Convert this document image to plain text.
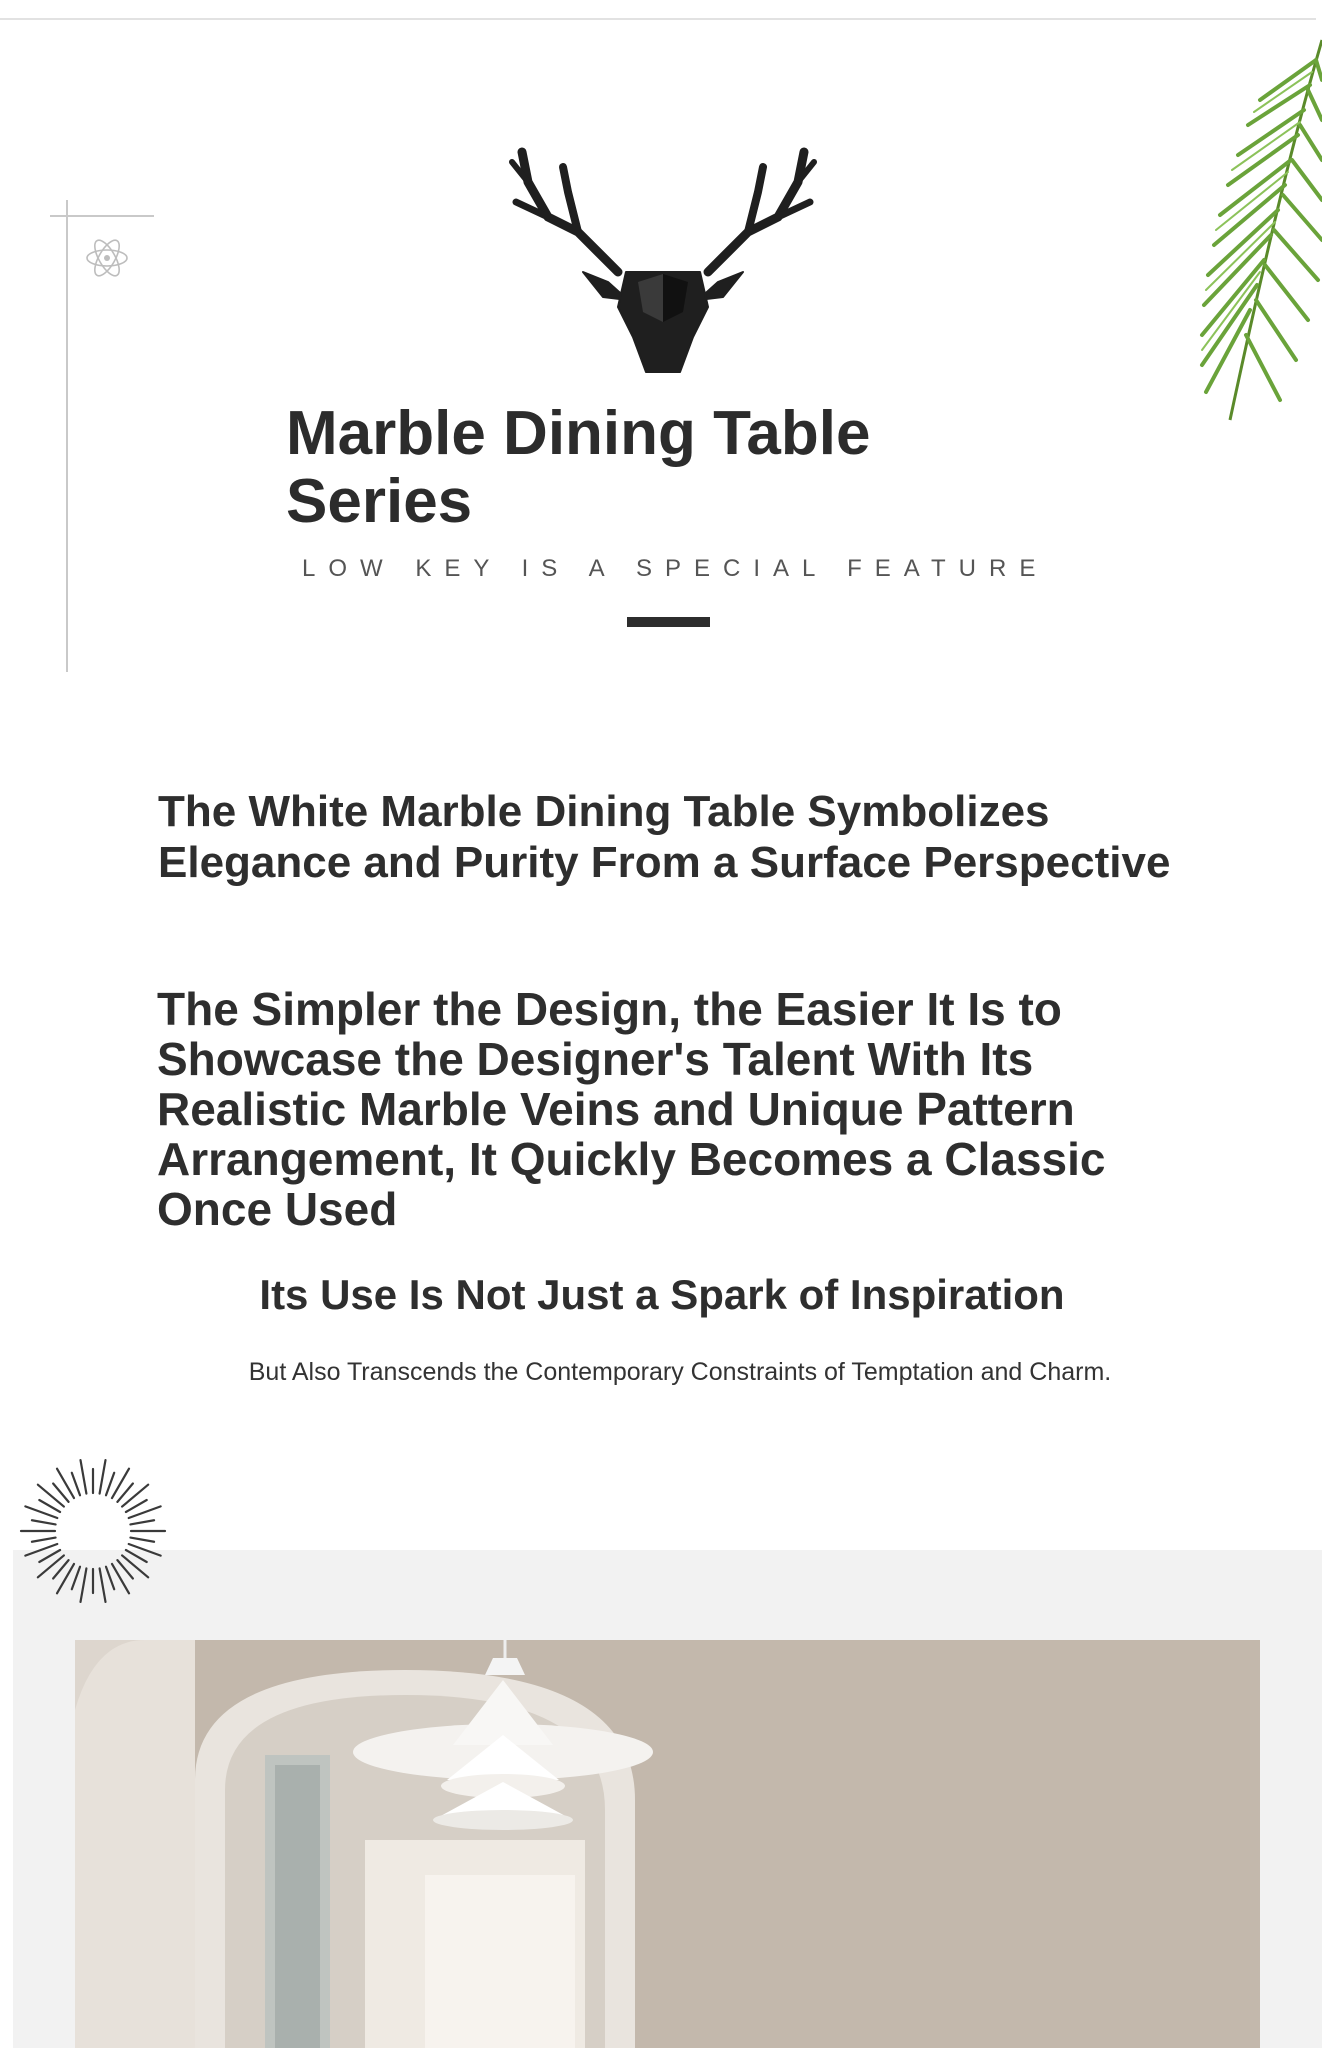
Marble Dining Table Series
LOW KEY IS A SPECIAL FEATURE
The White Marble Dining Table Symbolizes Elegance and Purity From a Surface Perspective
The Simpler the Design, the Easier It Is to Showcase the Designer's Talent With Its Realistic Marble Veins and Unique Pattern Arrangement, It Quickly Becomes a Classic Once Used
Its Use Is Not Just a Spark of Inspiration
But Also Transcends the Contemporary Constraints of Temptation and Charm.
